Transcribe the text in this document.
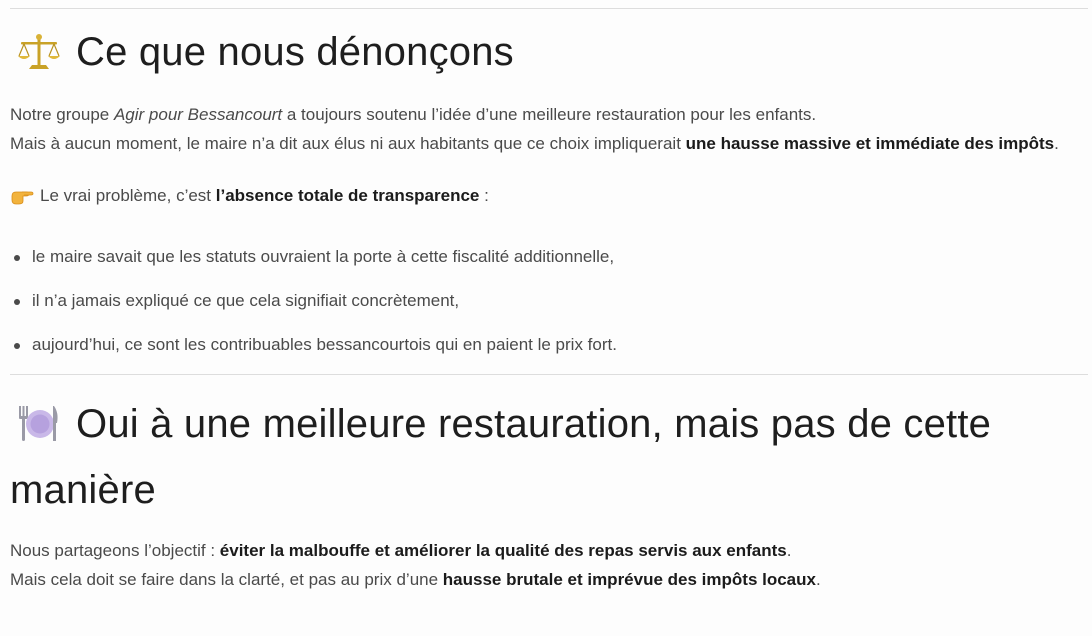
Ce que nous dénonçons

Notre groupe Agir pour Bessancourt a toujours soutenu l’idée d’une meilleure restauration pour les enfants.
Mais à aucun moment, le maire n’a dit aux élus ni aux habitants que ce choix impliquerait une hausse massive et immédiate des impôts.

Le vrai problème, c’est l’absence totale de transparence :

le maire savait que les statuts ouvraient la porte à cette fiscalité additionnelle,
il n’a jamais expliqué ce que cela signifiait concrètement,
aujourd’hui, ce sont les contribuables bessancourtois qui en paient le prix fort.
Oui à une meilleure restauration, mais pas de cette manière

Nous partageons l’objectif : éviter la malbouffe et améliorer la qualité des repas servis aux enfants.
Mais cela doit se faire dans la clarté, et pas au prix d’une hausse brutale et imprévue des impôts locaux.
